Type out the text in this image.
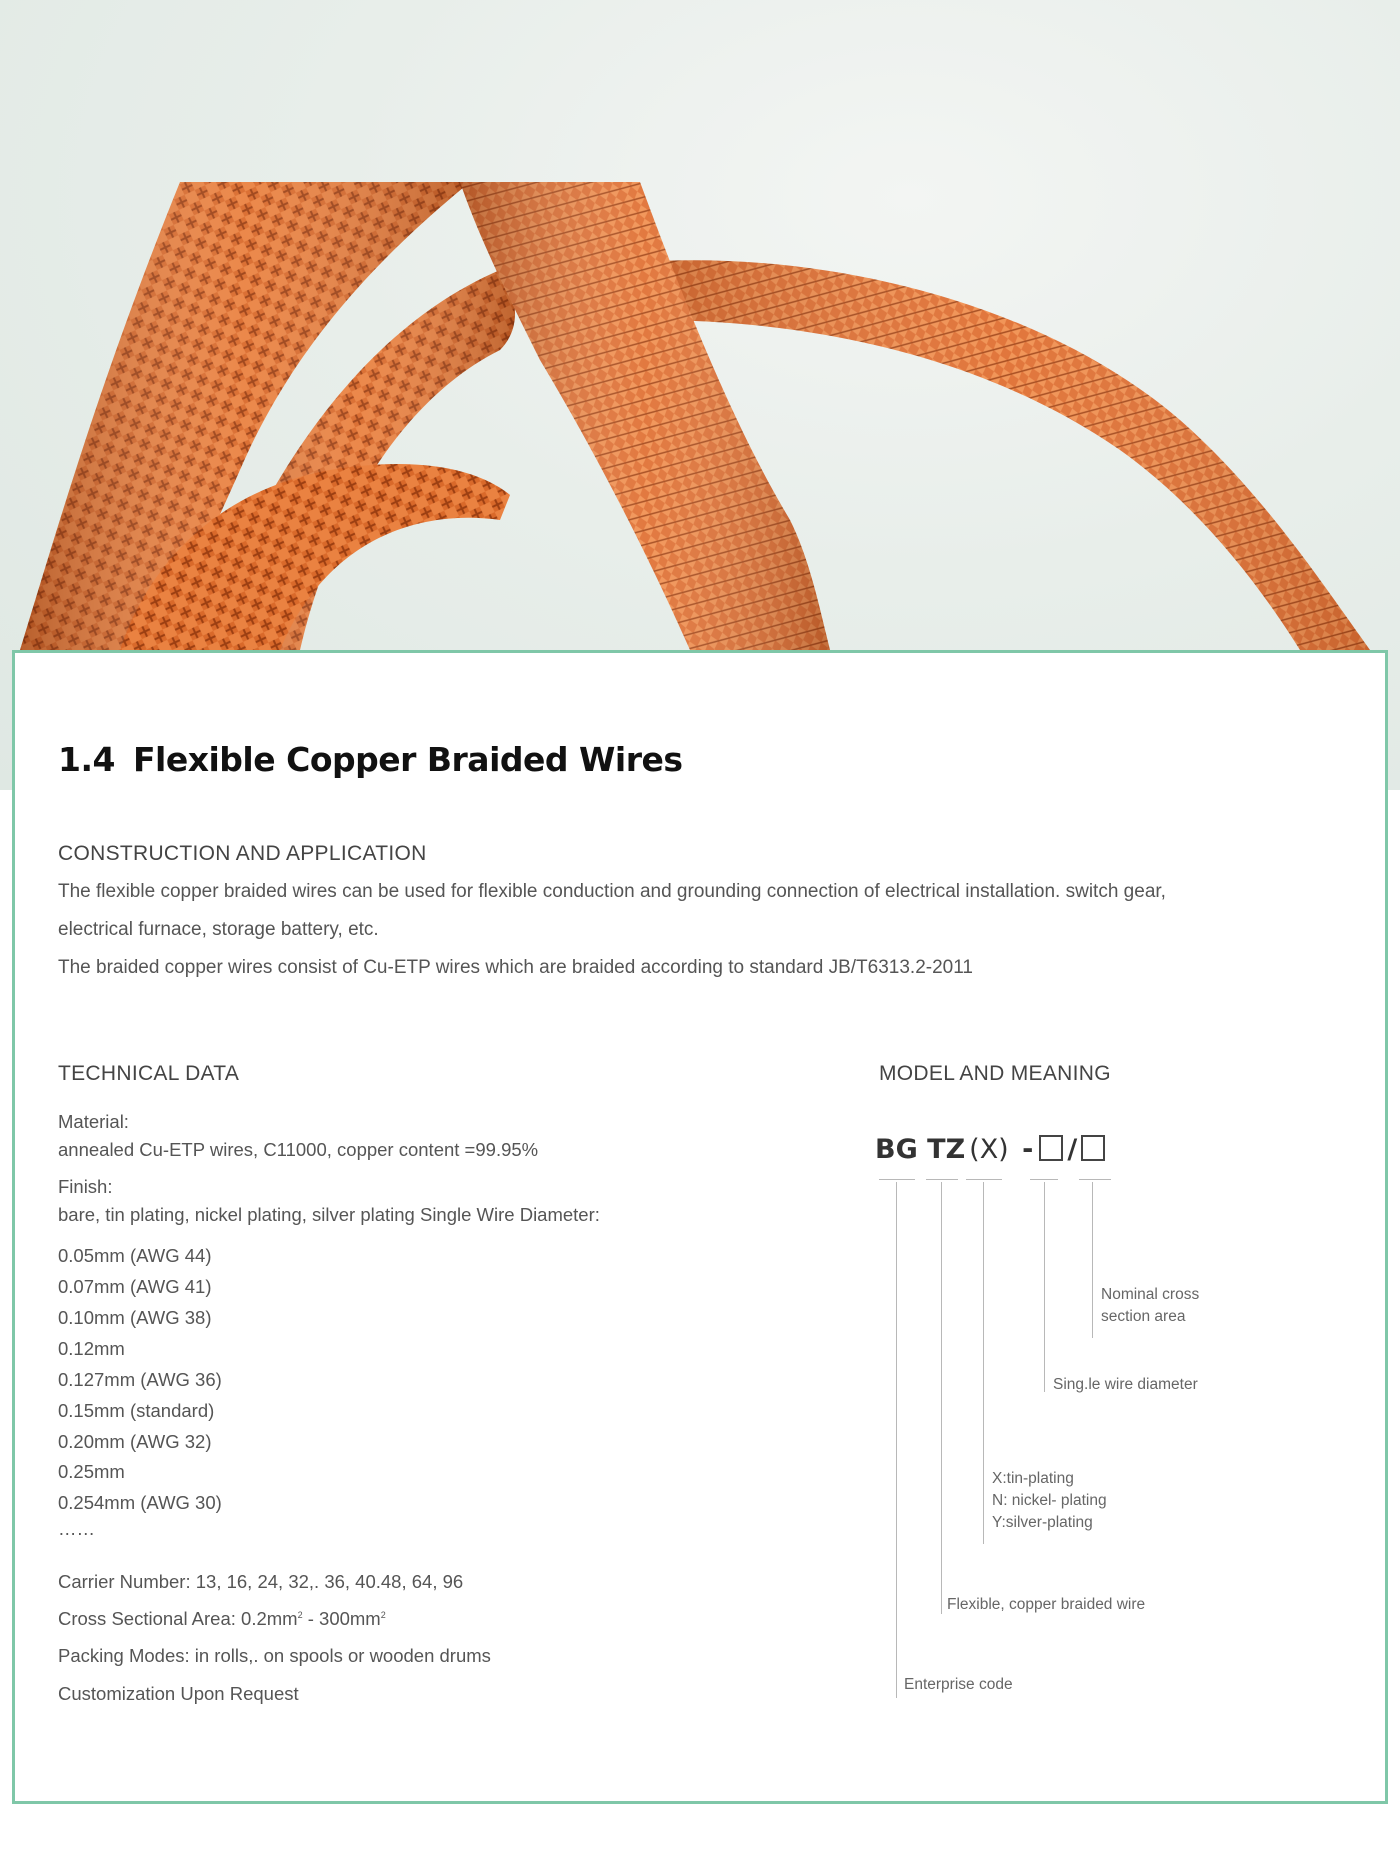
1.4 Flexible Copper Braided Wires
CONSTRUCTION AND APPLICATION
The flexible copper braided wires can be used for flexible conduction and grounding connection of electrical installation. switch gear,
electrical furnace, storage battery, etc.
The braided copper wires consist of Cu-ETP wires which are braided according to standard JB/T6313.2-2011
TECHNICAL DATA
Material:
annealed Cu-ETP wires, C11000, copper content =99.95%
Finish:
bare, tin plating, nickel plating, silver plating Single Wire Diameter:
0.05mm (AWG 44)
0.07mm (AWG 41)
0.10mm (AWG 38)
0.12mm
0.127mm (AWG 36)
0.15mm (standard)
0.20mm (AWG 32)
0.25mm
0.254mm (AWG 30)
……
Carrier Number: 13, 16, 24, 32,. 36, 40.48, 64, 96
Cross Sectional Area: $0.2mm^2 - 300mm^2$
Packing Modes: in rolls,. on spools or wooden drums
Customization Upon Request
MODEL AND MEANING
BG TZ (X) - /
Nominal cross
section area
Sing.le wire diameter
X:tin-plating
N: nickel- plating
Y:silver-plating
Flexible, copper braided wire
Enterprise code
